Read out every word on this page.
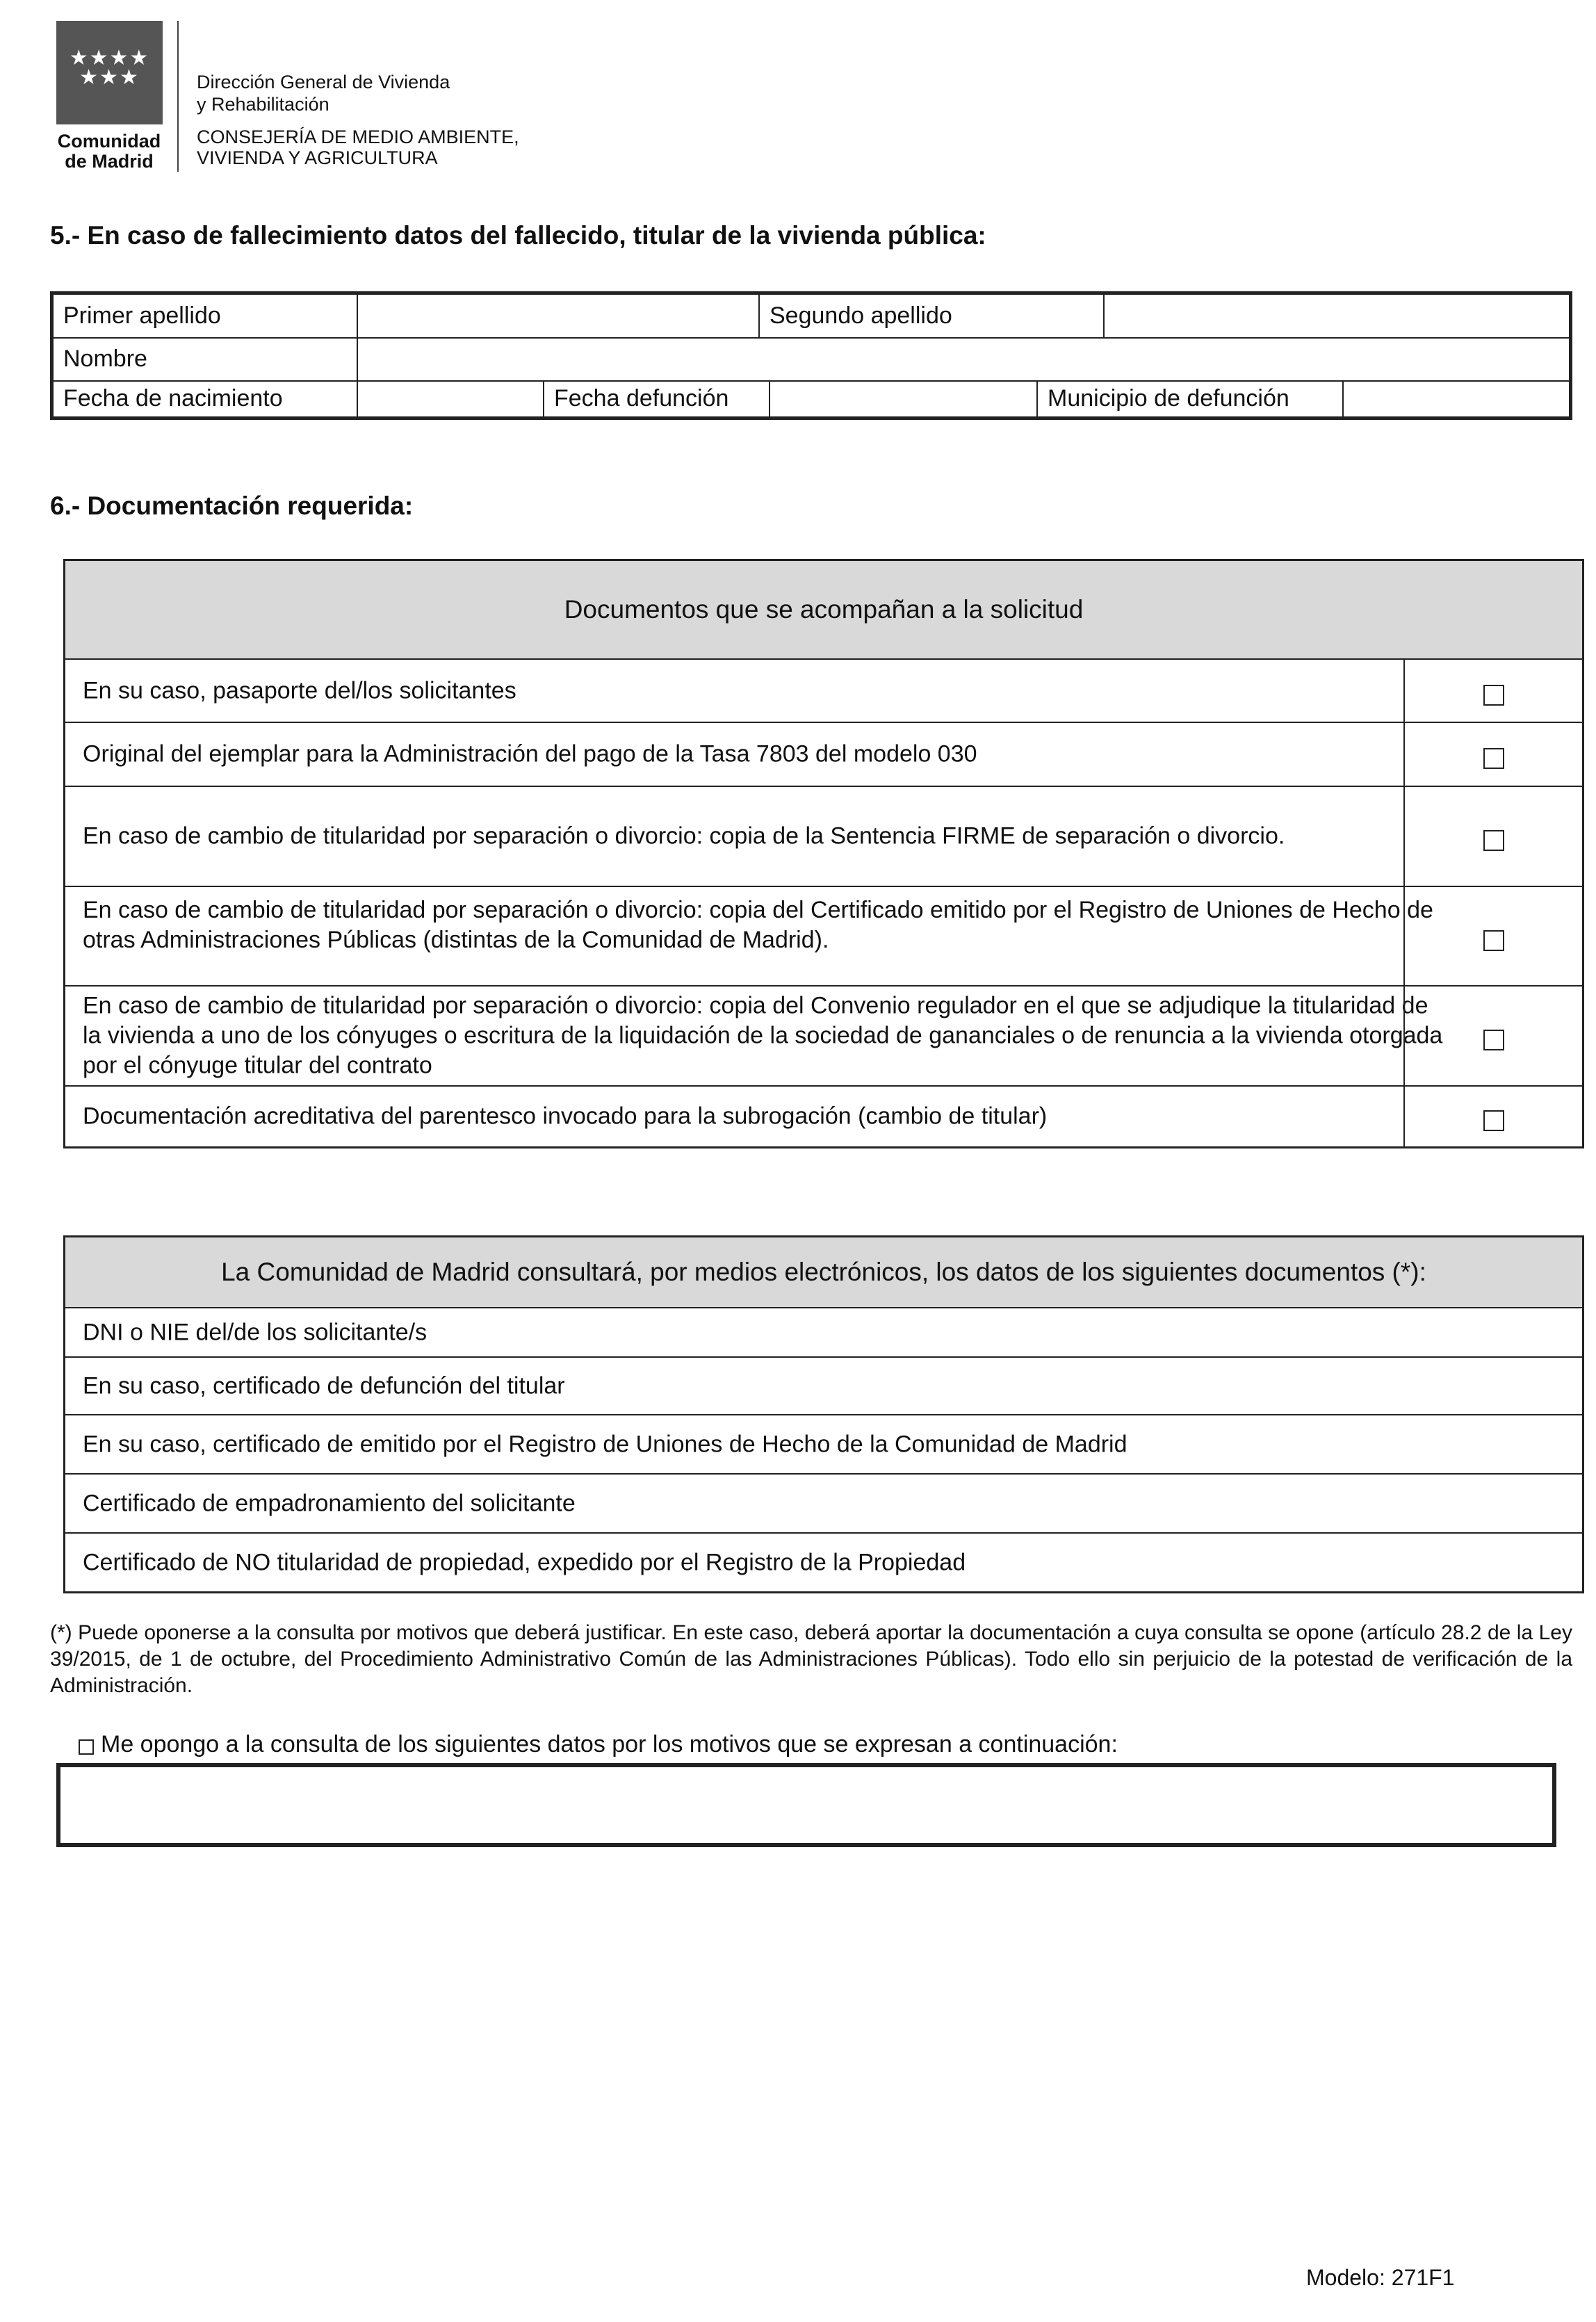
★★★★
★★★
Comunidad
de Madrid
Dirección General de Vivienda
y Rehabilitación
CONSEJERÍA DE MEDIO AMBIENTE,
VIVIENDA Y AGRICULTURA
5.- En caso de fallecimiento datos del fallecido, titular de la vivienda pública:
Primer apellido	Segundo apellido
Nombre
Fecha de nacimiento	Fecha defunción	Municipio de defunción
6.- Documentación requerida:
Documentos que se acompañan a la solicitud
En su caso, pasaporte del/los solicitantes
Original del ejemplar para la Administración del pago de la Tasa 7803 del modelo 030
En caso de cambio de titularidad por separación o divorcio: copia de la Sentencia FIRME de separación o divorcio.
En caso de cambio de titularidad por separación o divorcio: copia del Certificado emitido por el Registro de Uniones de Hecho de otras Administraciones Públicas (distintas de la Comunidad de Madrid).
En caso de cambio de titularidad por separación o divorcio: copia del Convenio regulador en el que se adjudique la titularidad de la vivienda a uno de los cónyuges o escritura de la liquidación de la sociedad de gananciales o de renuncia a la vivienda otorgada por el cónyuge titular del contrato
Documentación acreditativa del parentesco invocado para la subrogación (cambio de titular)
La Comunidad de Madrid consultará, por medios electrónicos, los datos de los siguientes documentos (*):
DNI o NIE del/de los solicitante/s
En su caso, certificado de defunción del titular
En su caso, certificado de emitido por el Registro de Uniones de Hecho de la Comunidad de Madrid
Certificado de empadronamiento del solicitante
Certificado de NO titularidad de propiedad, expedido por el Registro de la Propiedad
(*) Puede oponerse a la consulta por motivos que deberá justificar. En este caso, deberá aportar la documentación a cuya consulta se opone (artículo 28.2 de la Ley 39/2015, de 1 de octubre, del Procedimiento Administrativo Común de las Administraciones Públicas). Todo ello sin perjuicio de la potestad de verificación de la Administración.
Me opongo a la consulta de los siguientes datos por los motivos que se expresan a continuación:
Modelo: 271F1
